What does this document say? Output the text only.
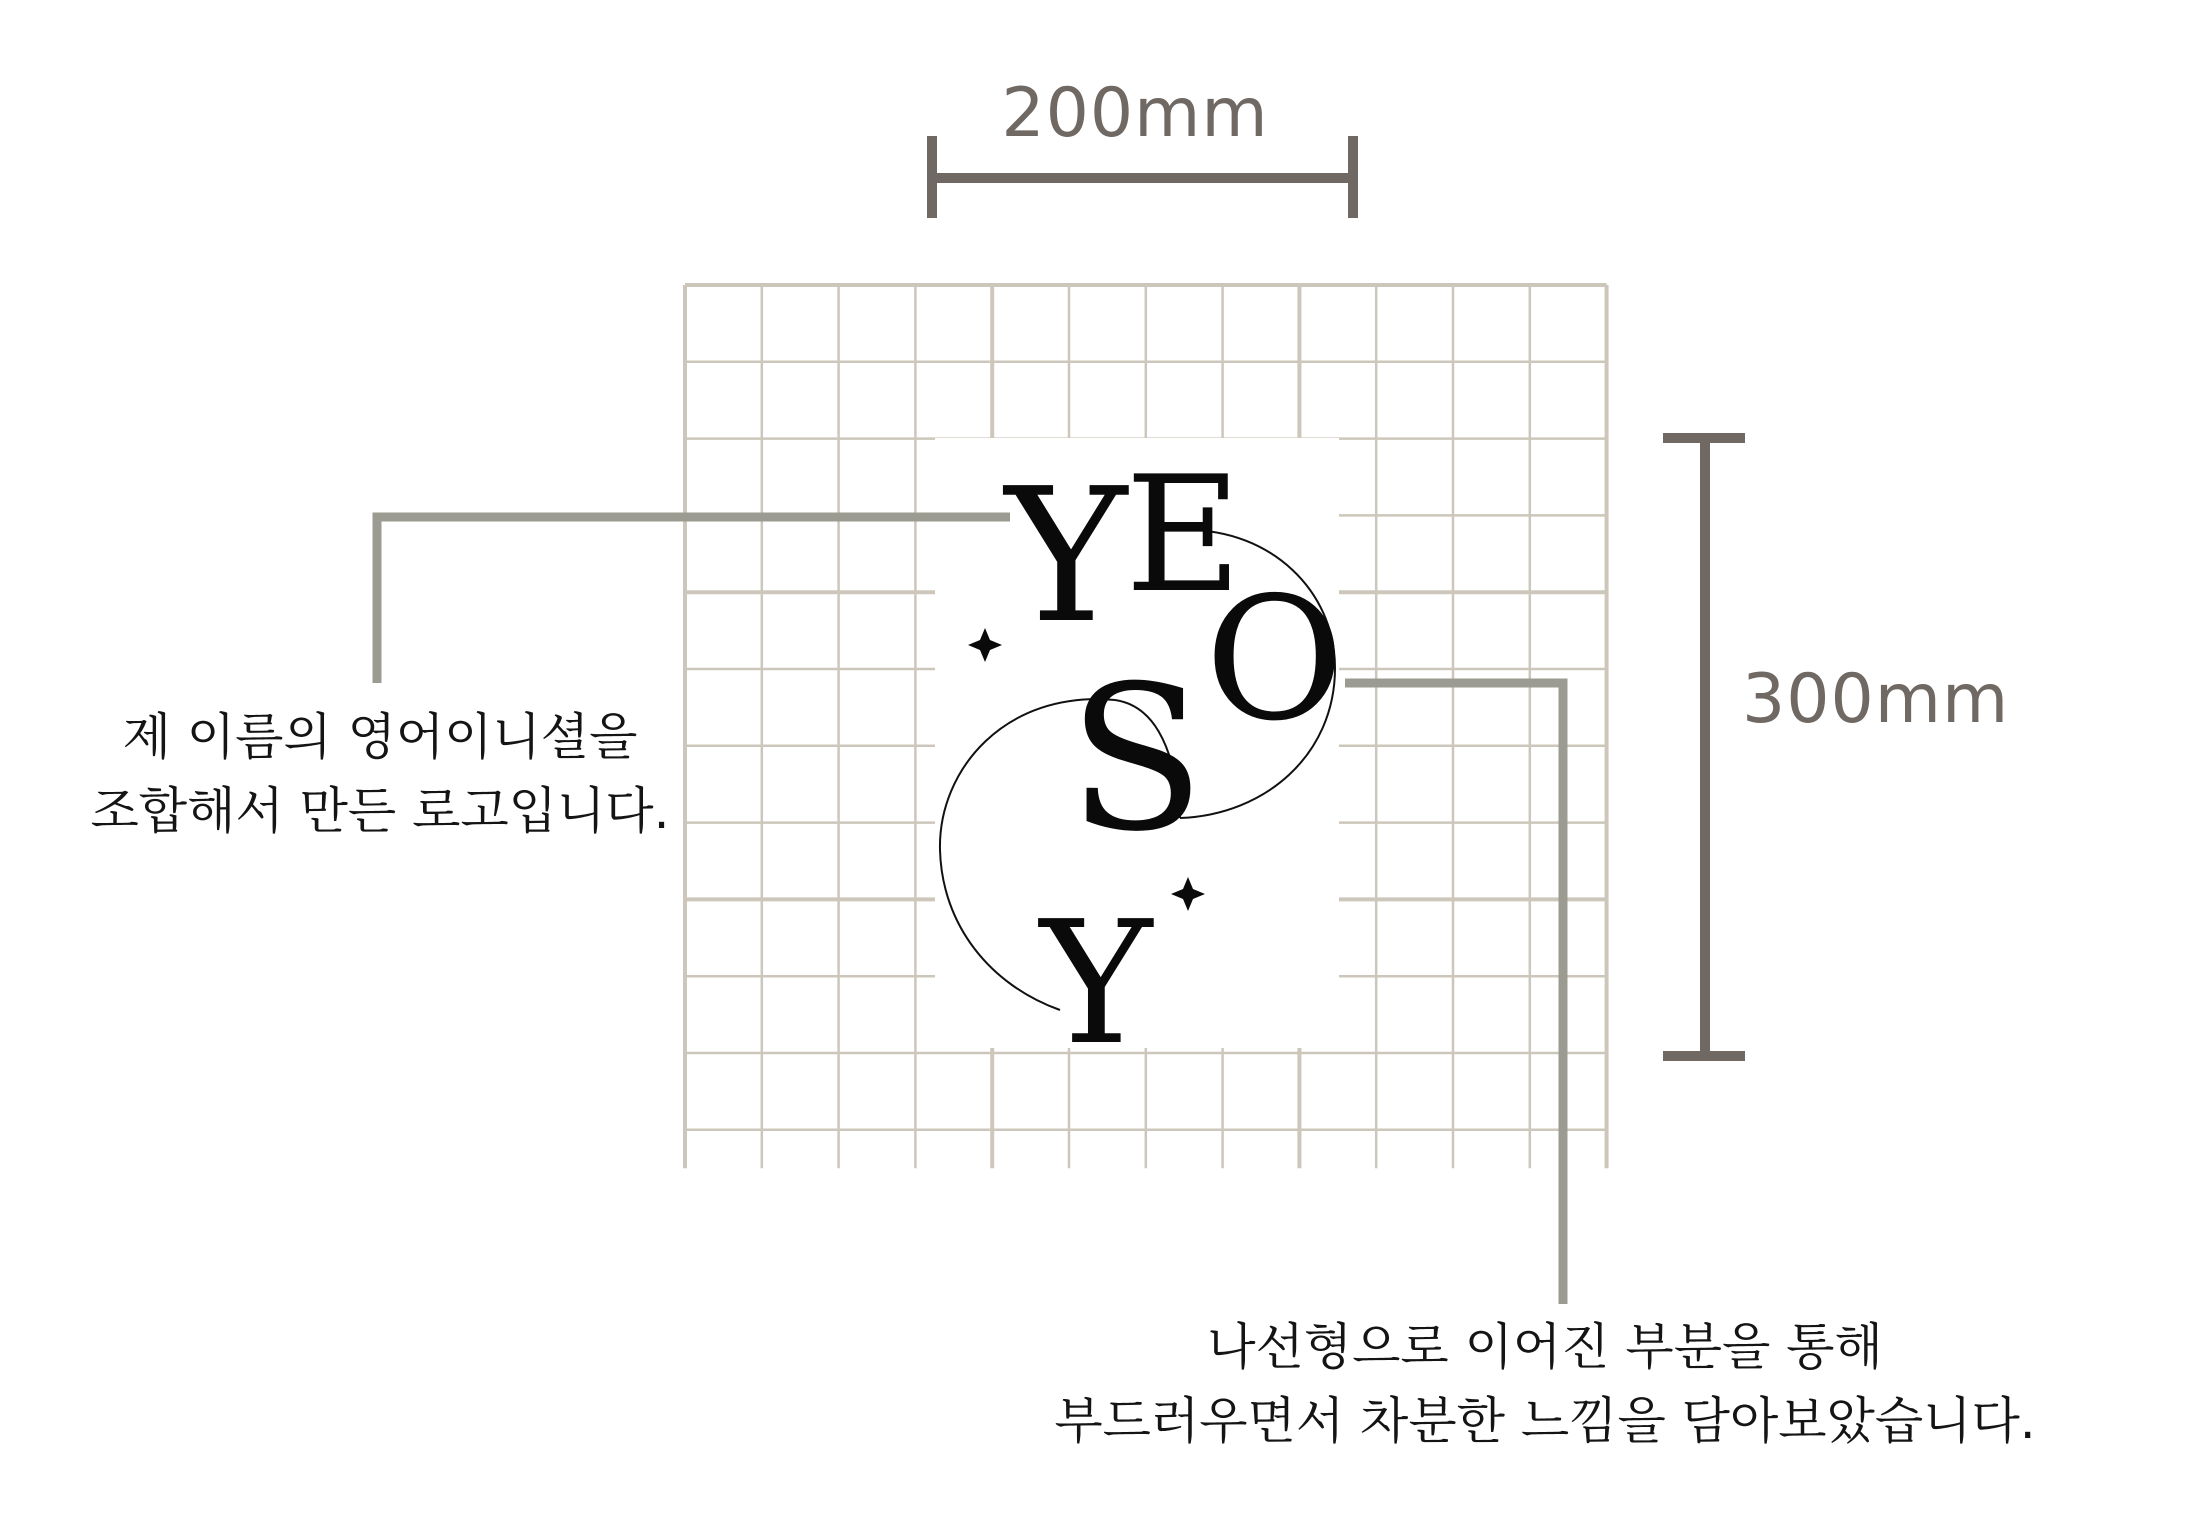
Y
E
O
S
Y
200mm
300mm
제 이름의 영어이니셜을
조합해서 만든 로고입니다.
나선형으로 이어진 부분을 통해
부드러우면서 차분한 느낌을 담아보았습니다.
